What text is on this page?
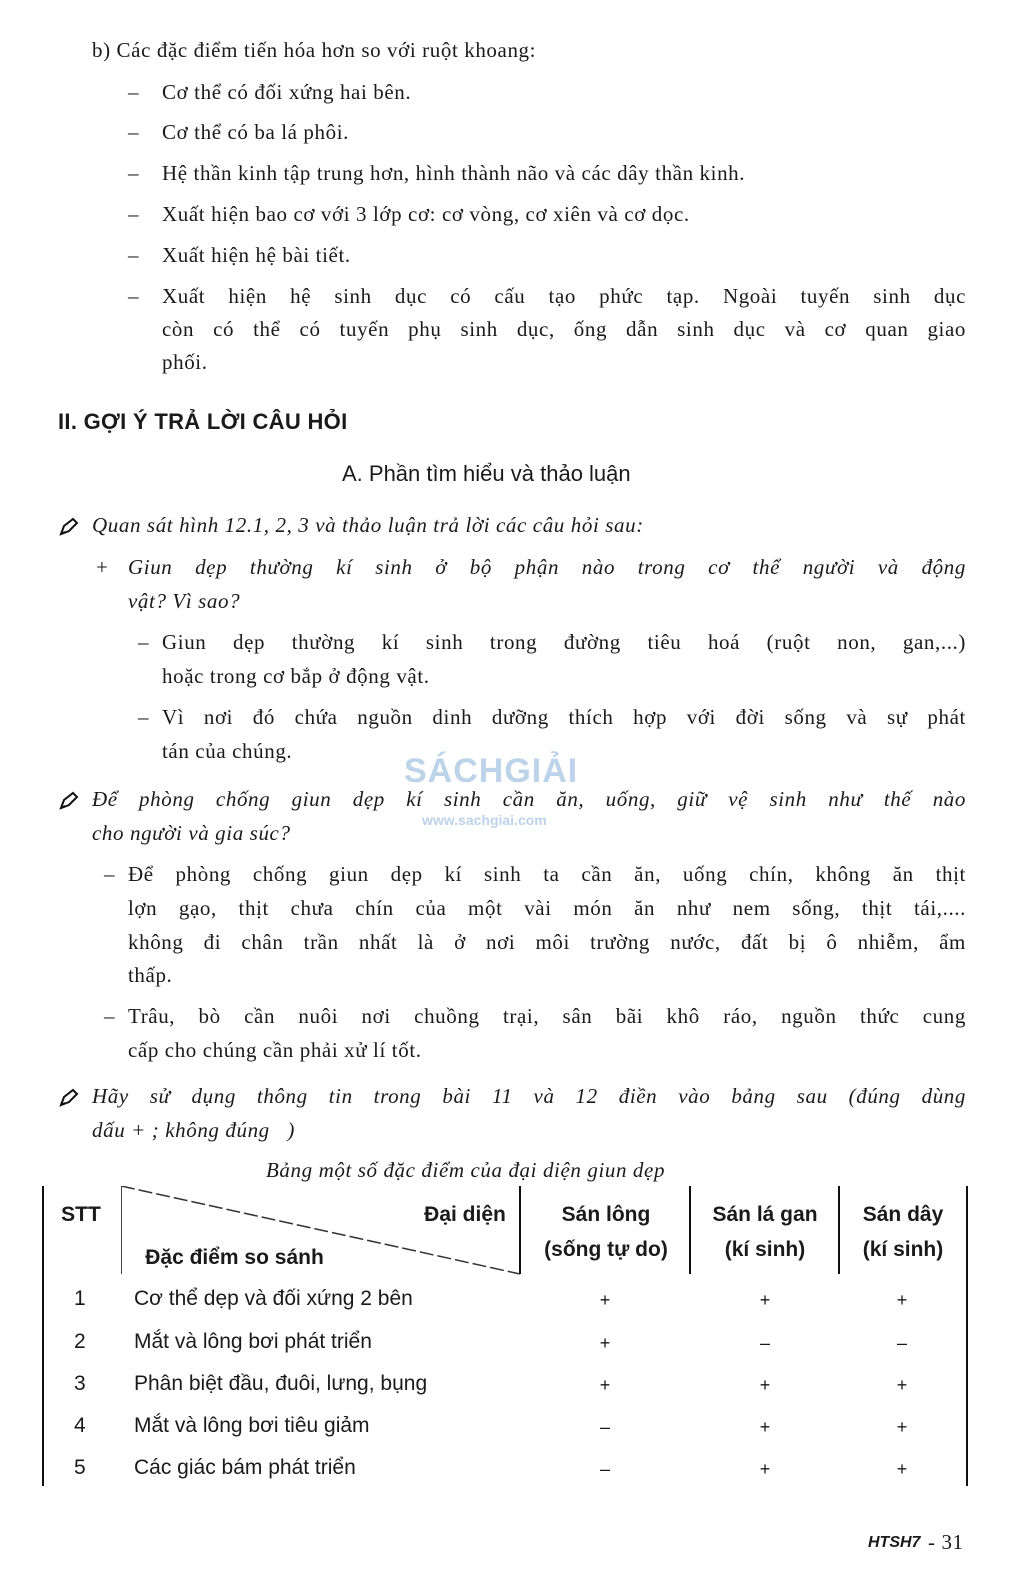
b) Các đặc điểm tiến hóa hơn so với ruột khoang:
– Cơ thể có đối xứng hai bên.
– Cơ thể có ba lá phôi.
– Hệ thần kinh tập trung hơn, hình thành não và các dây thần kinh.
– Xuất hiện bao cơ với 3 lớp cơ: cơ vòng, cơ xiên và cơ dọc.
– Xuất hiện hệ bài tiết.
– Xuất hiện hệ sinh dục có cấu tạo phức tạp. Ngoài tuyến sinh dục
còn có thể có tuyến phụ sinh dục, ống dẫn sinh dục và cơ quan giao
phối.
II. GỢI Ý TRẢ LỜI CÂU HỎI
A. Phần tìm hiểu và thảo luận
Quan sát hình 12.1, 2, 3 và thảo luận trả lời các câu hỏi sau:
+ Giun dẹp thường kí sinh ở bộ phận nào trong cơ thể người và động
vật? Vì sao?
– Giun dẹp thường kí sinh trong đường tiêu hoá (ruột non, gan,...)
hoặc trong cơ bắp ở động vật.
– Vì nơi đó chứa nguồn dinh dưỡng thích hợp với đời sống và sự phát
tán của chúng.
SÁCHGIẢI
www.sachgiai.com
Để phòng chống giun dẹp kí sinh cần ăn, uống, giữ vệ sinh như thế nào
cho người và gia súc?
– Để phòng chống giun dẹp kí sinh ta cần ăn, uống chín, không ăn thịt
lợn gạo, thịt chưa chín của một vài món ăn như nem sống, thịt tái,....
không đi chân trần nhất là ở nơi môi trường nước, đất bị ô nhiễm, ẩm
thấp.
– Trâu, bò cần nuôi nơi chuồng trại, sân bãi khô ráo, nguồn thức cung
cấp cho chúng cần phải xử lí tốt.
Hãy sử dụng thông tin trong bài 11 và 12 điền vào bảng sau (đúng dùng
dấu + ; không đúng   )
Bảng một số đặc điểm của đại diện giun dẹp
STT	Đại diện
Đặc điểm so sánh
Sán lông
(sống tự do)
Sán lá gan
(kí sinh)
Sán dây
(kí sinh)
1 Cơ thể dẹp và đối xứng 2 bên	+	+	+
2 Mắt và lông bơi phát triển	+	–	–
3 Phân biệt đầu, đuôi, lưng, bụng	+	+	+
4 Mắt và lông bơi tiêu giảm	–	+	+
5 Các giác bám phát triển	–	+	+
HTSH7 - 31
